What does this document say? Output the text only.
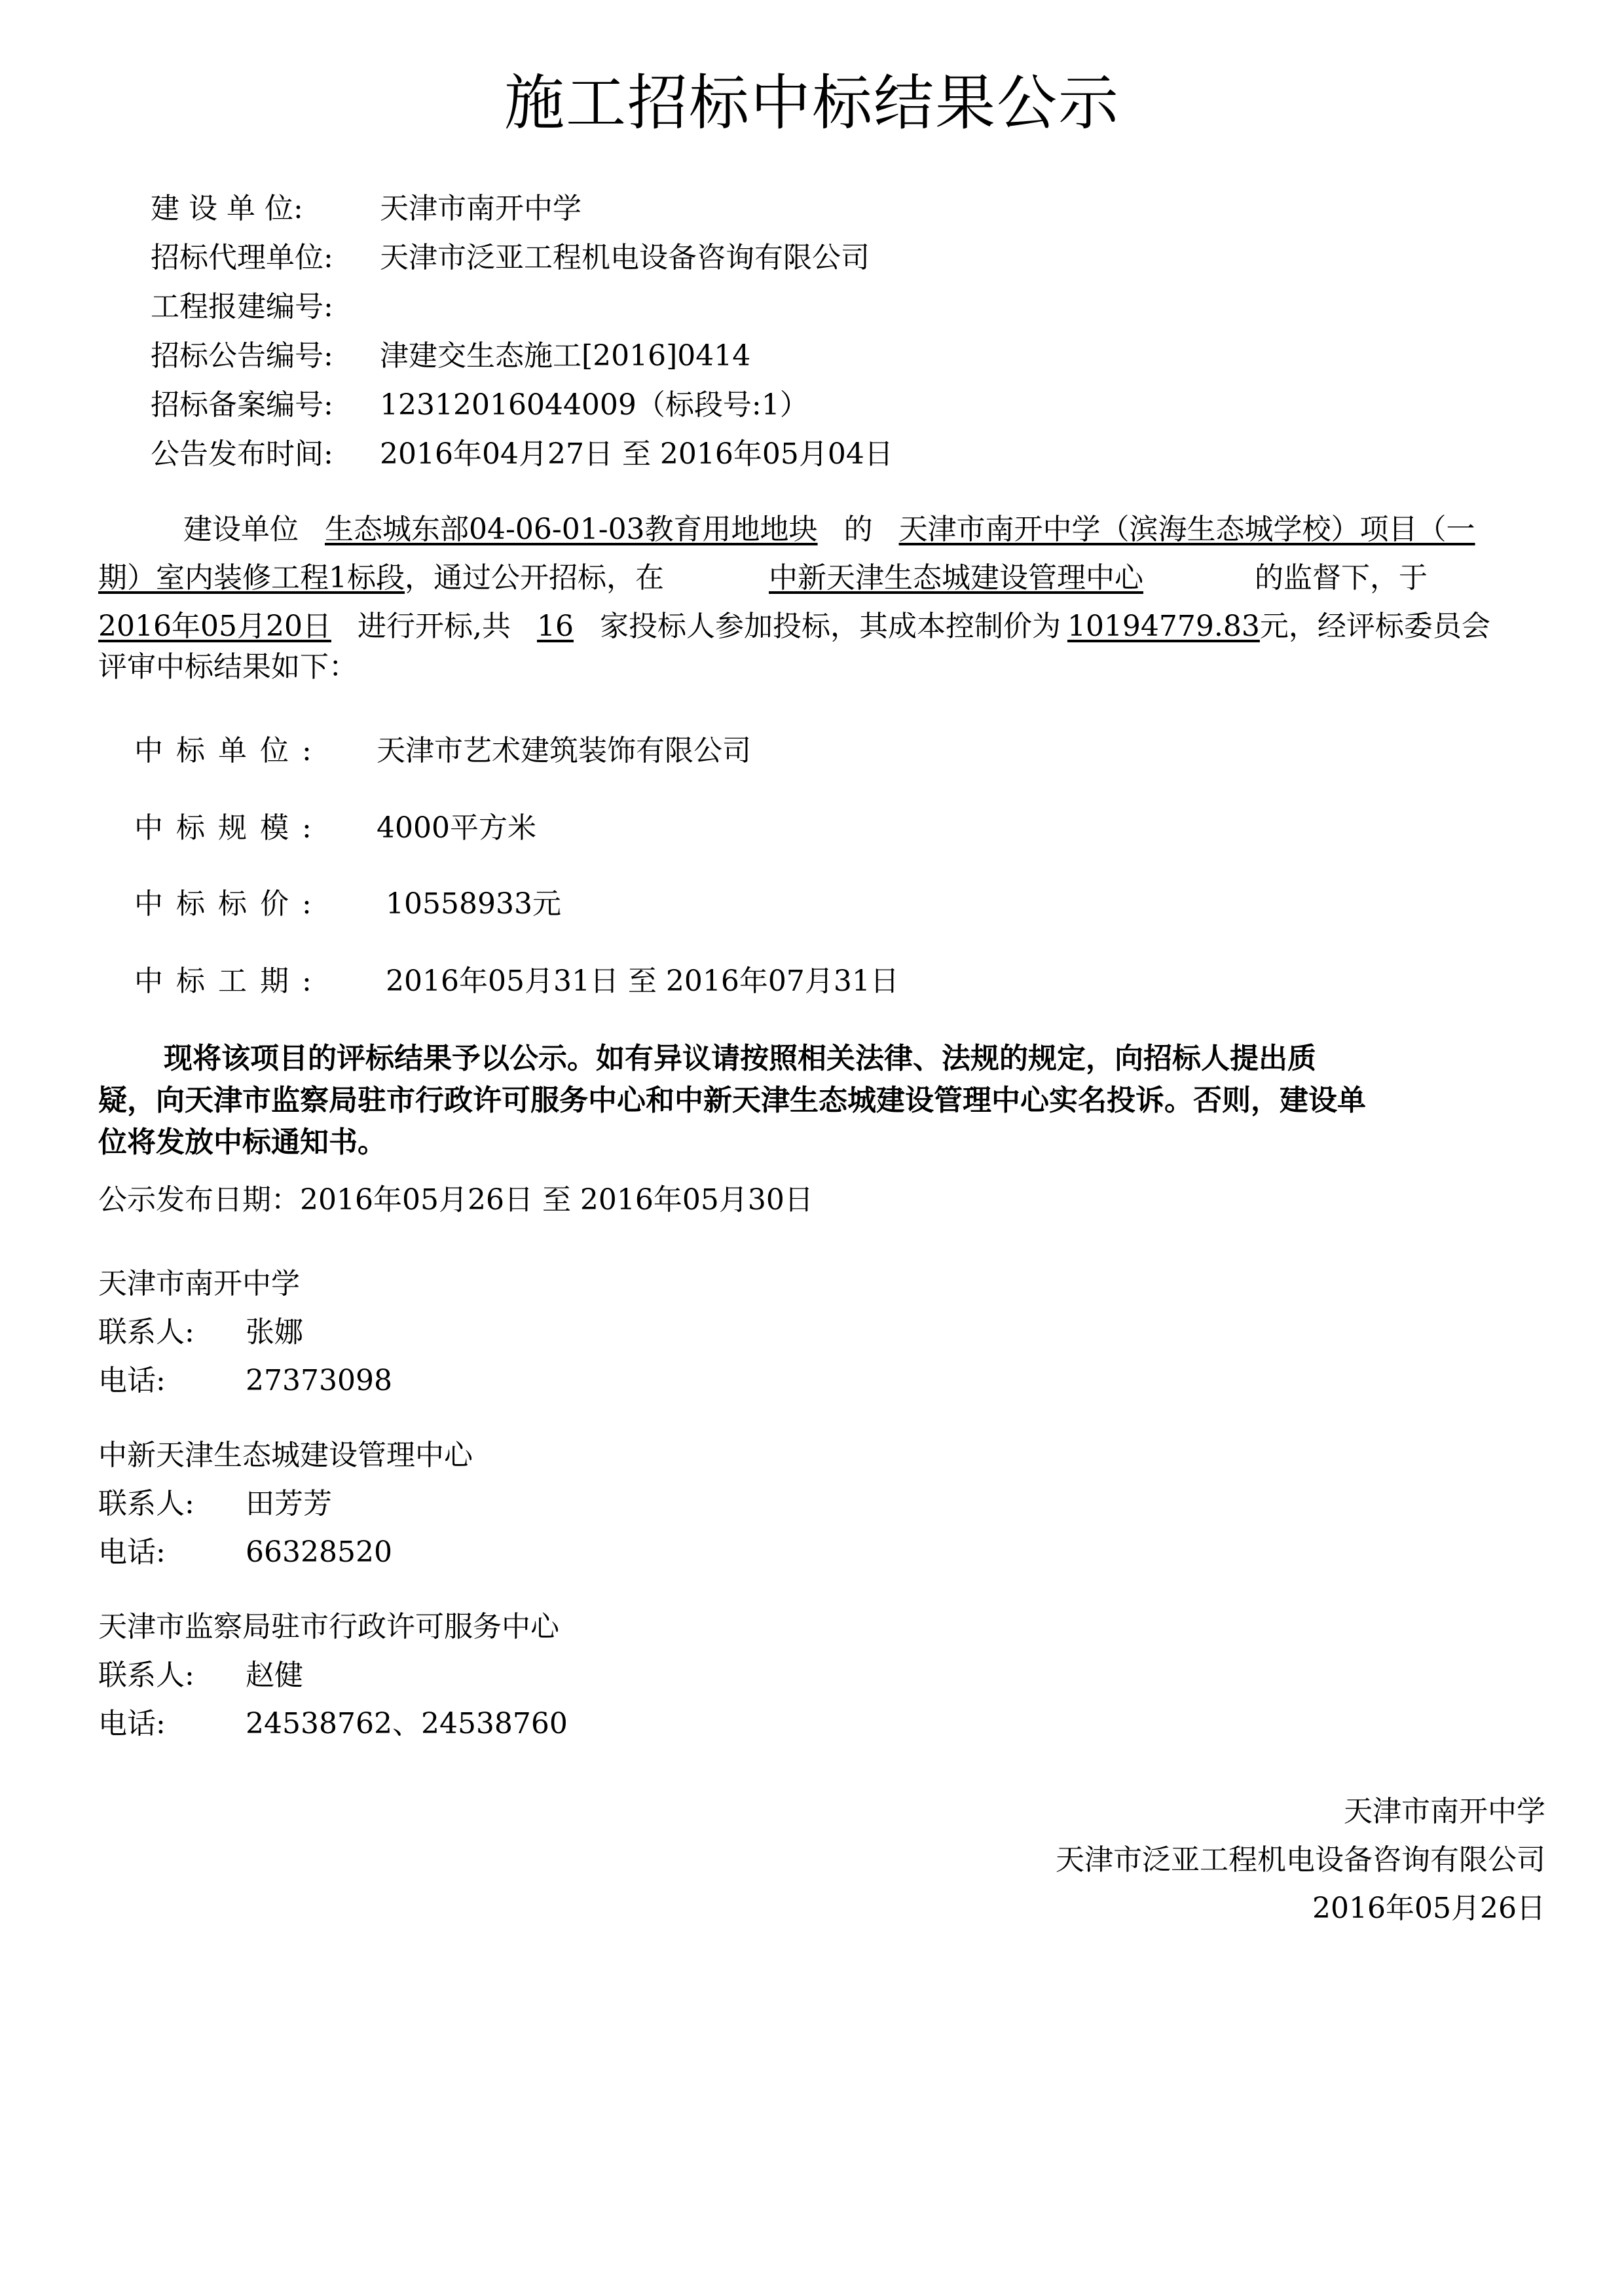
施工招标中标结果公示
建 设 单 位:	天津市南开中学
招标代理单位: 天津市泛亚工程机电设备咨询有限公司
工程报建编号:
招标公告编号: 津建交生态施工[2016]0414
招标备案编号: 12312016044009（标段号:1）
公告发布时间: 2016年04月27日 至 2016年05月04日
建设单位 生态城东部04-06-01-03教育用地地块 的 天津市南开中学（滨海生态城学校）项目（一
期）室内装修工程1标段，通过公开招标，在	中新天津生态城建设管理中心	的监督下，于
2016年05月20日 进行开标,共 16 家投标人参加投标，其成本控制价为 10194779.83元，经评标委员会
评审中标结果如下：
中标单位: 天津市艺术建筑装饰有限公司
中标规模: 4000平方米
中标标价: 10558933元
中标工期: 2016年05月31日 至 2016年07月31日
现将该项目的评标结果予以公示。如有异议请按照相关法律、法规的规定，向招标人提出质
疑，向天津市监察局驻市行政许可服务中心和中新天津生态城建设管理中心实名投诉。否则，建设单
位将发放中标通知书。
公示发布日期：2016年05月26日 至 2016年05月30日
天津市南开中学
联系人: 张娜
电话:	27373098
中新天津生态城建设管理中心
联系人: 田芳芳
电话:	66328520
天津市监察局驻市行政许可服务中心
联系人: 赵健
电话:	24538762、24538760
天津市南开中学
天津市泛亚工程机电设备咨询有限公司
2016年05月26日
